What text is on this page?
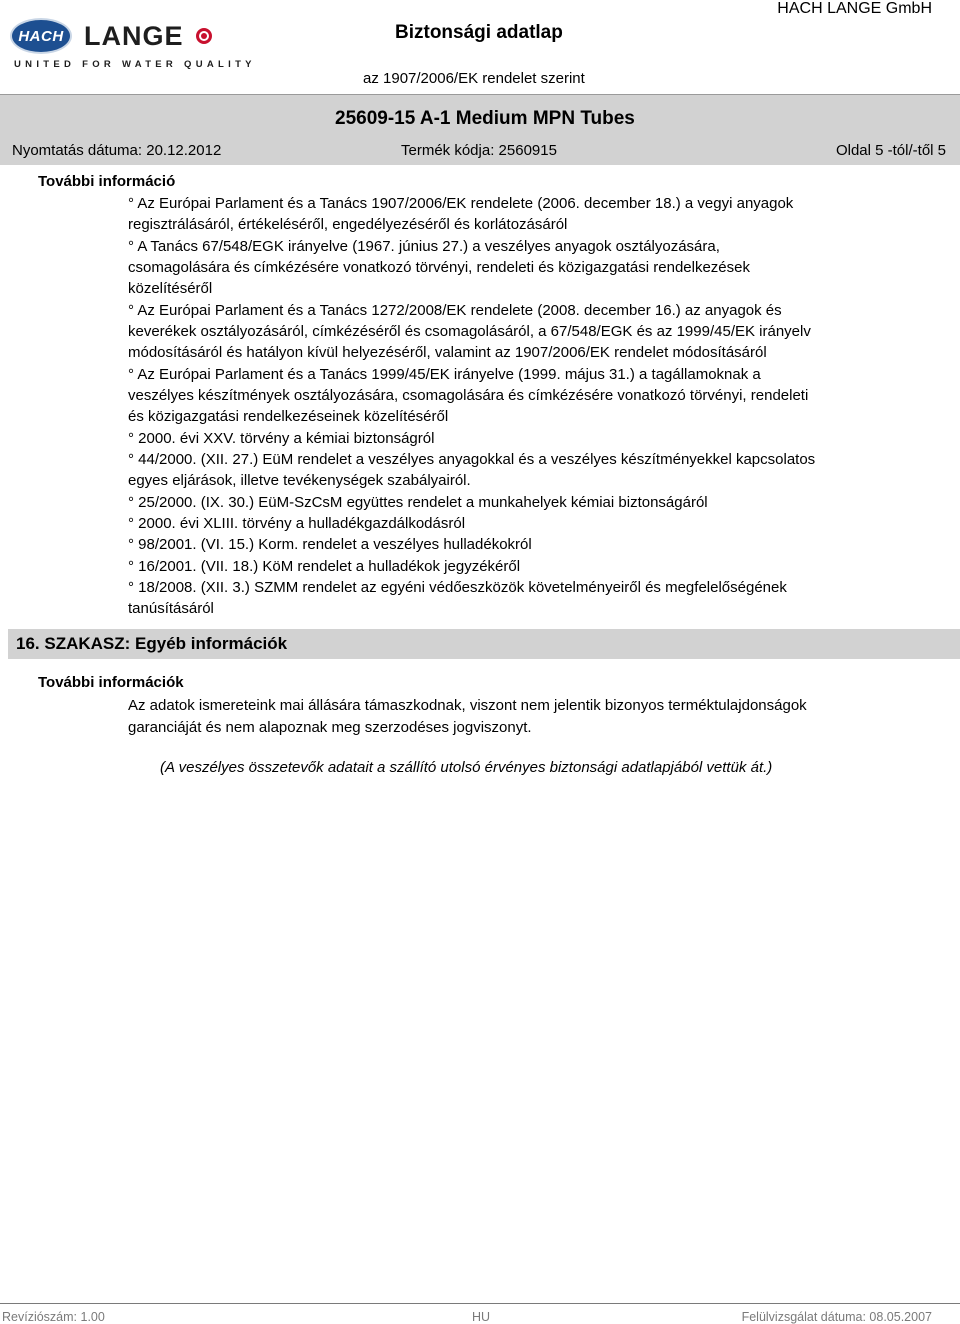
HACH LANGE
UNITED FOR WATER QUALITY
Biztonsági adatlap
HACH LANGE GmbH
az 1907/2006/EK rendelet szerint
25609-15 A-1 Medium MPN Tubes
Nyomtatás dátuma: 20.12.2012	Termék kódja: 2560915	Oldal 5 -tól/-től 5
További információ
° Az Európai Parlament és a Tanács 1907/2006/EK rendelete (2006. december 18.) a vegyi anyagok
regisztrálásáról, értékeléséről, engedélyezéséről és korlátozásáról
° A Tanács 67/548/EGK irányelve (1967. június 27.) a veszélyes anyagok osztályozására,
csomagolására és címkézésére vonatkozó törvényi, rendeleti és közigazgatási rendelkezések
közelítéséről
° Az Európai Parlament és a Tanács 1272/2008/EK rendelete (2008. december 16.) az anyagok és
keverékek osztályozásáról, címkézéséről és csomagolásáról, a 67/548/EGK és az 1999/45/EK irányelv
módosításáról és hatályon kívül helyezéséről, valamint az 1907/2006/EK rendelet módosításáról
° Az Európai Parlament és a Tanács 1999/45/EK irányelve (1999. május 31.) a tagállamoknak a
veszélyes készítmények osztályozására, csomagolására és címkézésére vonatkozó törvényi, rendeleti
és közigazgatási rendelkezéseinek közelítéséről
° 2000. évi XXV. törvény a kémiai biztonságról
° 44/2000. (XII. 27.) EüM rendelet a veszélyes anyagokkal és a veszélyes készítményekkel kapcsolatos
egyes eljárások, illetve tevékenységek szabályairól.
° 25/2000. (IX. 30.) EüM-SzCsM együttes rendelet a munkahelyek kémiai biztonságáról
° 2000. évi XLIII. törvény a hulladékgazdálkodásról
° 98/2001. (VI. 15.) Korm. rendelet a veszélyes hulladékokról
° 16/2001. (VII. 18.) KöM rendelet a hulladékok jegyzékéről
° 18/2008. (XII. 3.) SZMM rendelet az egyéni védőeszközök követelményeiről és megfelelőségének
tanúsításáról
16. SZAKASZ: Egyéb információk
További információk
Az adatok ismereteink mai állására támaszkodnak, viszont nem jelentik bizonyos terméktulajdonságok
garanciáját és nem alapoznak meg szerzodéses jogviszonyt.
(A veszélyes összetevők adatait a szállító utolsó érvényes biztonsági adatlapjából vettük át.)
Revíziószám: 1.00	HU	Felülvizsgálat dátuma: 08.05.2007
